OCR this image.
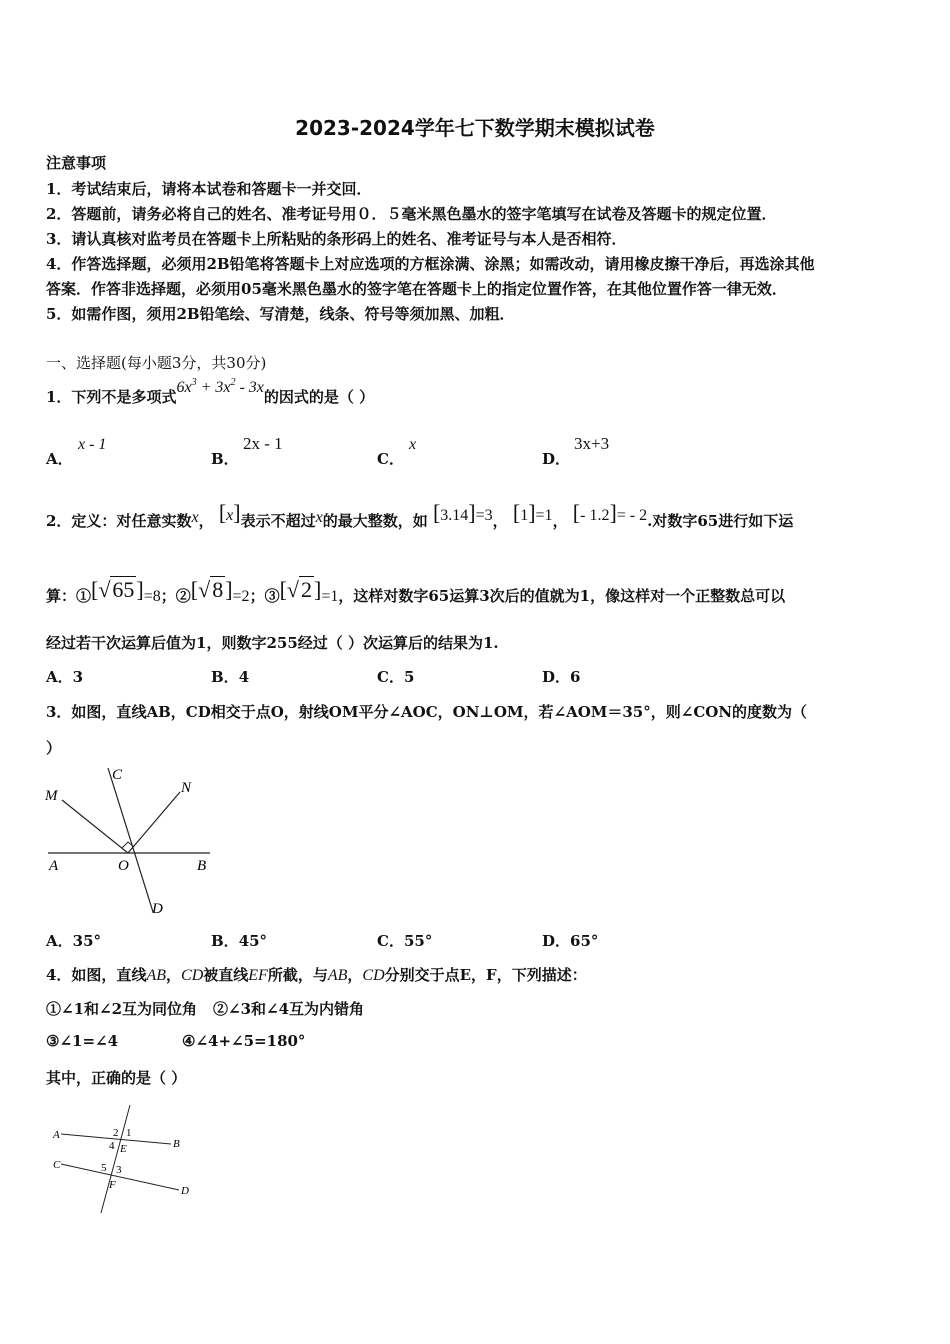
2023-2024学年七下数学期末模拟试卷
注意事项
1．考试结束后，请将本试卷和答题卡一并交回．
2．答题前，请务必将自己的姓名、准考证号用０．５毫米黑色墨水的签字笔填写在试卷及答题卡的规定位置．
3．请认真核对监考员在答题卡上所粘贴的条形码上的姓名、准考证号与本人是否相符．
4．作答选择题，必须用2B铅笔将答题卡上对应选项的方框涂满、涂黑；如需改动，请用橡皮擦干净后，再选涂其他
答案．作答非选择题，必须用05毫米黑色墨水的签字笔在答题卡上的指定位置作答，在其他位置作答一律无效．
5．如需作图，须用2B铅笔绘、写清楚，线条、符号等须加黑、加粗．
一、选择题(每小题3分，共30分)
1．下列不是多项式$6x^3 + 3x^2 - 3x$的因式的是（ ）
A．
x - 1
B．
2x - 1
C．
x
D．
3x+3
2．定义：对任意实数x， [x]表示不超过x的最大整数，如 [3.14]=3， [1]=1， [- 1.2]= - 2.对数字65进行如下运
算：①[√65]=8；②[√8]=2；③[√2]=1，这样对数字65运算3次后的值就为1，像这样对一个正整数总可以
经过若干次运算后值为1，则数字255经过（ ）次运算后的结果为1.
A．3	B．4	C．5	D．6
3．如图，直线AB，CD相交于点O，射线OM平分∠AOC，ON⊥OM，若∠AOM＝35°，则∠CON的度数为（
）
M
C
N
A	O	B
D
A．35°	B．45°	C．55°	D．65°
4．如图，直线AB，CD被直线EF所截，与AB，CD分别交于点E，F，下列描述：
①∠1和∠2互为同位角 ②∠3和∠4互为内错角
③∠1=∠4	④∠4+∠5=180°
其中，正确的是（ ）
A
B
C
D
E
F
1
2
4
5 3
